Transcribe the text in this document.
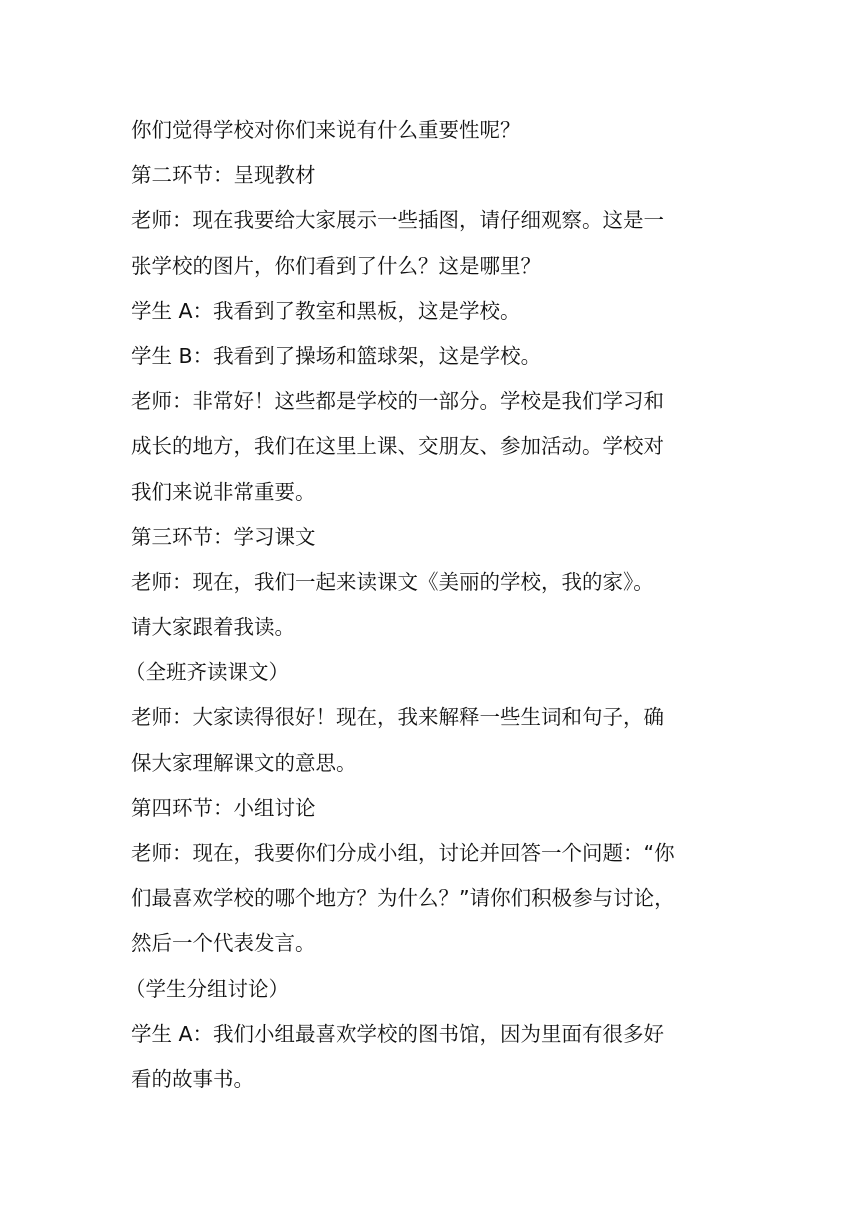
你们觉得学校对你们来说有什么重要性呢？

第二环节：呈现教材

老师：现在我要给大家展示一些插图，请仔细观察。这是一
张学校的图片，你们看到了什么？这是哪里？

学生 A：我看到了教室和黑板，这是学校。

学生 B：我看到了操场和篮球架，这是学校。

老师：非常好！这些都是学校的一部分。学校是我们学习和
成长的地方，我们在这里上课、交朋友、参加活动。学校对
我们来说非常重要。

第三环节：学习课文

老师：现在，我们一起来读课文《美丽的学校，我的家》。
请大家跟着我读。

（全班齐读课文）

老师：大家读得很好！现在，我来解释一些生词和句子，确
保大家理解课文的意思。

第四环节：小组讨论

老师：现在，我要你们分成小组，讨论并回答一个问题：“你
们最喜欢学校的哪个地方？为什么？”请你们积极参与讨论，
然后一个代表发言。

（学生分组讨论）

学生 A：我们小组最喜欢学校的图书馆，因为里面有很多好
看的故事书。
